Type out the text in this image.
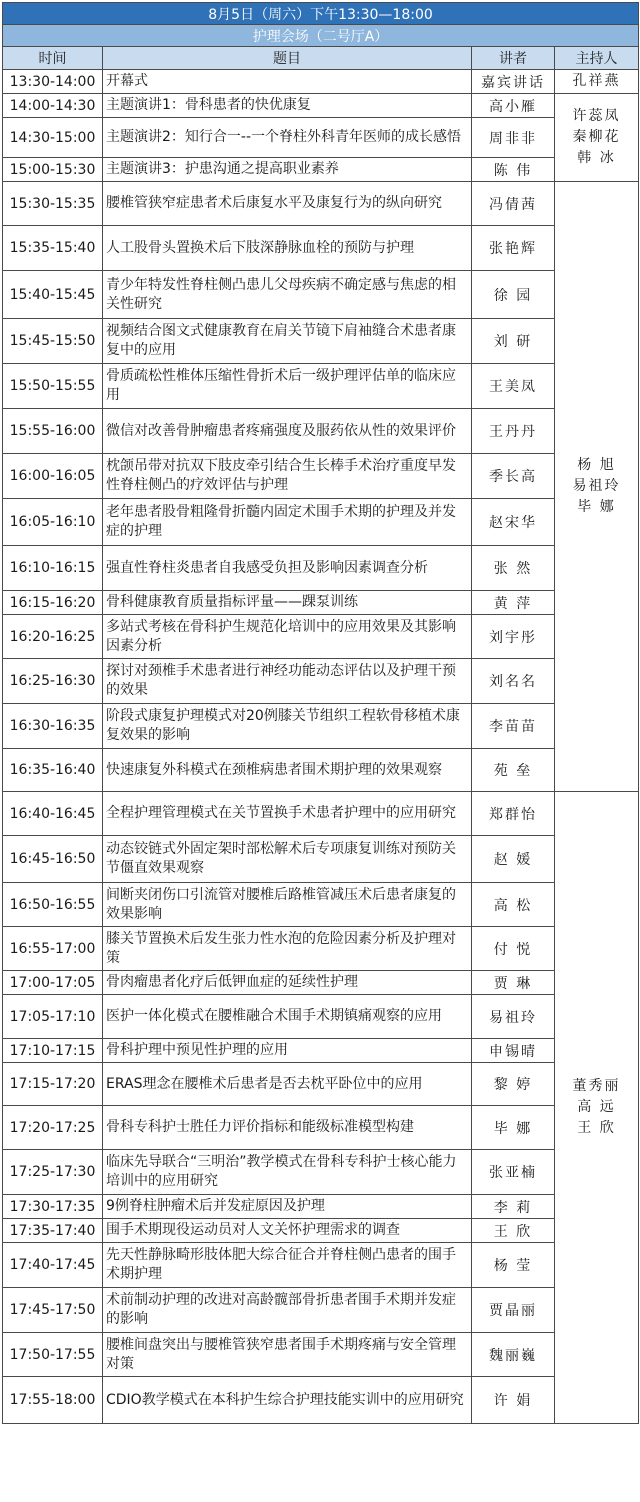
8月5日（周六）下午13:30—18:00			
护理会场（二号厅A）			
时间	题目	讲者	主持人
13:30-14:00	开幕式	嘉宾讲话	孔祥燕

14:00-14:30	主题演讲1：骨科患者的快优康复	高小雁	许蕊凤
秦柳花
韩 冰

14:30-15:00	主题演讲2：知行合一--一个脊柱外科青年医师的成长感悟	周非非	
15:00-15:30	主题演讲3：护患沟通之提高职业素养	陈 伟	
15:30-15:35	腰椎管狭窄症患者术后康复水平及康复行为的纵向研究	冯倩茜	杨 旭
易祖玲
毕 娜

15:35-15:40	人工股骨头置换术后下肢深静脉血栓的预防与护理	张艳辉	
15:40-15:45	青少年特发性脊柱侧凸患儿父母疾病不确定感与焦虑的相关性研究	徐 园	
15:45-15:50	视频结合图文式健康教育在肩关节镜下肩袖缝合术患者康复中的应用	刘 研	
15:50-15:55	骨质疏松性椎体压缩性骨折术后一级护理评估单的临床应用	王美凤	
15:55-16:00	微信对改善骨肿瘤患者疼痛强度及服药依从性的效果评价	王丹丹	
16:00-16:05	枕颌吊带对抗双下肢皮牵引结合生长棒手术治疗重度早发性脊柱侧凸的疗效评估与护理	季长高	
16:05-16:10	老年患者股骨粗隆骨折髓内固定术围手术期的护理及并发症的护理	赵宋华	
16:10-16:15	强直性脊柱炎患者自我感受负担及影响因素调查分析	张 然	
16:15-16:20	骨科健康教育质量指标评量——踝泵训练	黄 萍	
16:20-16:25	多站式考核在骨科护生规范化培训中的应用效果及其影响因素分析	刘宇彤	
16:25-16:30	探讨对颈椎手术患者进行神经功能动态评估以及护理干预的效果	刘名名	
16:30-16:35	阶段式康复护理模式对20例膝关节组织工程软骨移植术康复效果的影响	李苗苗	
16:35-16:40	快速康复外科模式在颈椎病患者围术期护理的效果观察	苑 垒	
16:40-16:45	全程护理管理模式在关节置换手术患者护理中的应用研究	郑群怡	董秀丽
高 远
王 欣

16:45-16:50	动态铰链式外固定架时部松解术后专项康复训练对预防关节僵直效果观察	赵 媛	
16:50-16:55	间断夹闭伤口引流管对腰椎后路椎管减压术后患者康复的效果影响	高 松	
16:55-17:00	膝关节置换术后发生张力性水泡的危险因素分析及护理对策	付 悦	
17:00-17:05	骨肉瘤患者化疗后低钾血症的延续性护理	贾 琳	
17:05-17:10	医护一体化模式在腰椎融合术围手术期镇痛观察的应用	易祖玲	
17:10-17:15	骨科护理中预见性护理的应用	申锡晴	
17:15-17:20	ERAS理念在腰椎术后患者是否去枕平卧位中的应用	黎 婷	
17:20-17:25	骨科专科护士胜任力评价指标和能级标准模型构建	毕 娜	
17:25-17:30	临床先导联合“三明治”教学模式在骨科专科护士核心能力培训中的应用研究	张亚楠	
17:30-17:35	9例脊柱肿瘤术后并发症原因及护理	李 莉	
17:35-17:40	围手术期现役运动员对人文关怀护理需求的调查	王 欣	
17:40-17:45	先天性静脉畸形肢体肥大综合征合并脊柱侧凸患者的围手术期护理	杨 莹	
17:45-17:50	术前制动护理的改进对高龄髋部骨折患者围手术期并发症的影响	贾晶丽	
17:50-17:55	腰椎间盘突出与腰椎管狭窄患者围手术期疼痛与安全管理对策	魏丽巍	
17:55-18:00	CDIO教学模式在本科护生综合护理技能实训中的应用研究	许 娟	
